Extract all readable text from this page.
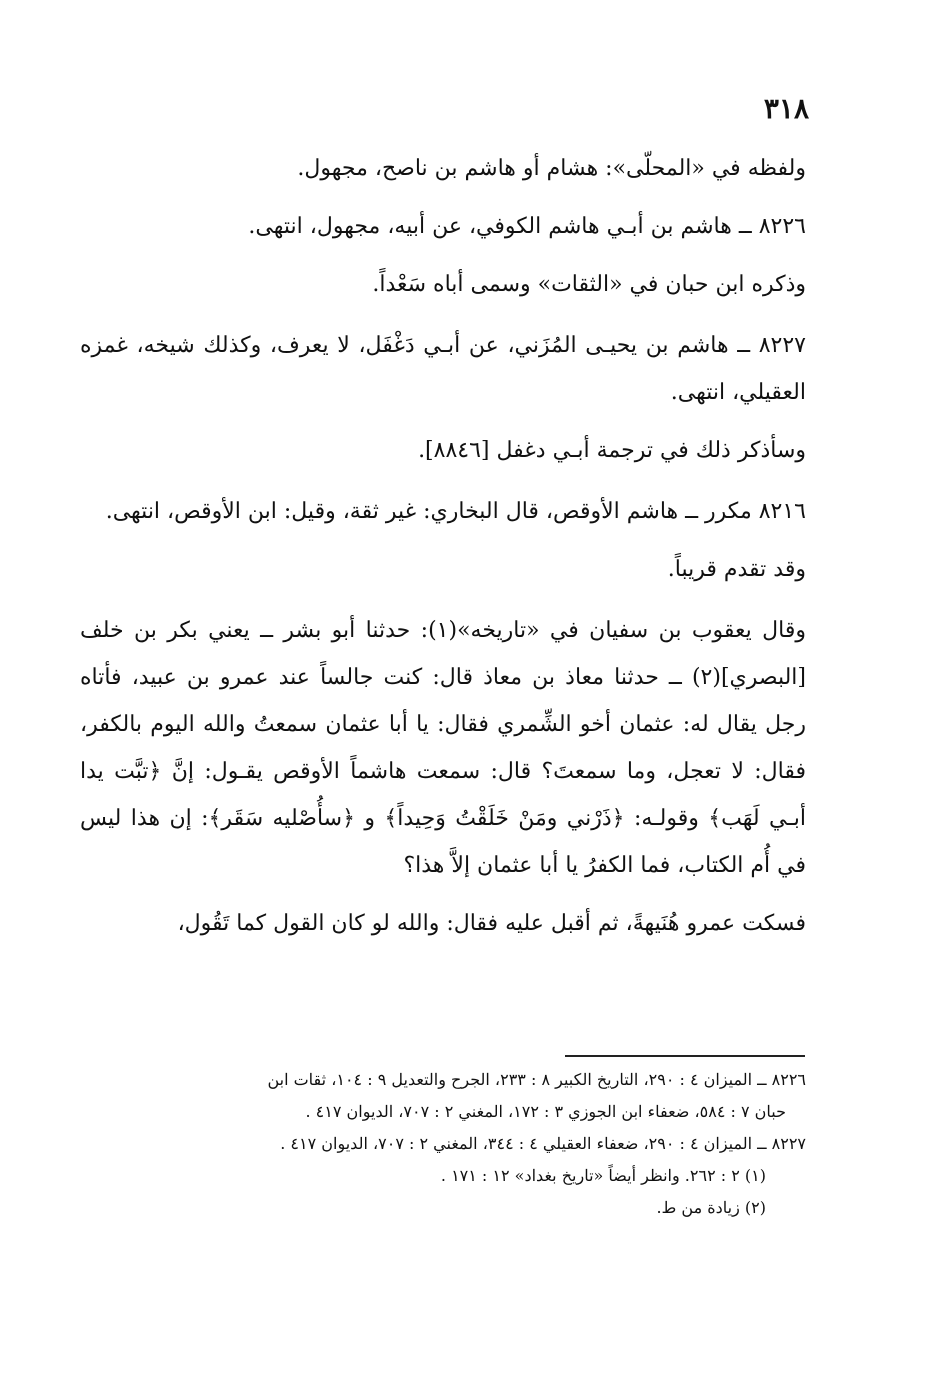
٣١٨

ولفظه في «المحلّى»: هشام أو هاشم بن ناصح، مجهول.

٨٢٢٦ ــ هاشم بن أبـي هاشم الكوفي، عن أبيه، مجهول، انتهى.

وذكره ابن حبان في «الثقات» وسمى أباه سَعْداً.

٨٢٢٧ ــ هاشم بن يحيـى المُزَني، عن أبـي دَغْفَل، لا يعرف، وكذلك شيخه، غمزه العقيلي، انتهى.

وسأذكر ذلك في ترجمة أبـي دغفل [٨٨٤٦].

٨٢١٦ مكرر ــ هاشم الأوقص، قال البخاري: غير ثقة، وقيل: ابن الأوقص، انتهى.

وقد تقدم قريباً.

وقال يعقوب بن سفيان في «تاريخه»(١): حدثنا أبو بشر ــ يعني بكر بن خلف [البصري](٢) ــ حدثنا معاذ بن معاذ قال: كنت جالساً عند عمرو بن عبيد، فأتاه رجل يقال له: عثمان أخو الشِّمري فقال: يا أبا عثمان سمعتُ والله اليوم بالكفر، فقال: لا تعجل، وما سمعتَ؟ قال: سمعت هاشماً الأوقص يقـول: إنَّ ﴿تبَّت يدا أبـي لَهَب﴾ وقولـه: ﴿ذَرْني ومَنْ خَلَقْتُ وَحِيداً﴾ و ﴿سأُصْليه سَقَر﴾: إن هذا ليس في أُم الكتاب، فما الكفرُ يا أبا عثمان إلاَّ هذا؟

فسكت عمرو هُنَيهةً، ثم أقبل عليه فقال: والله لو كان القول كما تَقُول،

٨٢٢٦ ــ الميزان ٤ : ٢٩٠، التاريخ الكبير ٨ : ٢٣٣، الجرح والتعديل ٩ : ١٠٤، ثقات ابن

حبان ٧ : ٥٨٤، ضعفاء ابن الجوزي ٣ : ١٧٢، المغني ٢ : ٧٠٧، الديوان ٤١٧ .

٨٢٢٧ ــ الميزان ٤ : ٢٩٠، ضعفاء العقيلي ٤ : ٣٤٤، المغني ٢ : ٧٠٧، الديوان ٤١٧ .

(١) ٢ : ٢٦٢. وانظر أيضاً «تاريخ بغداد» ١٢ : ١٧١ .

(٢) زيادة من ط.
